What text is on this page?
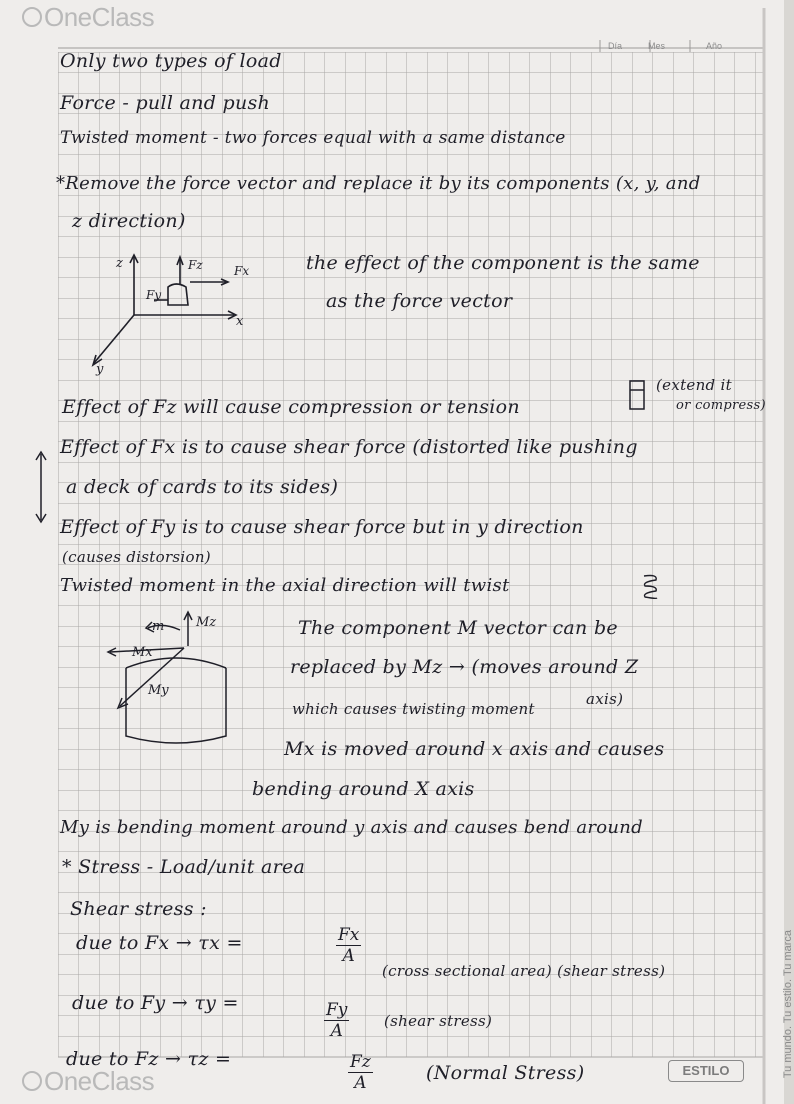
OneClass
OneClass
Día	Mes	Año
Only two types of load
Force - pull and push
Twisted moment - two forces equal with a same distance
*Remove the force vector and replace it by its components (x, y, and
z direction)
z	Fz	Fx
Fy
x
y
the effect of the component is the same
as the force vector
Effect of Fz will cause compression or tension
(extend it
or compress)
Effect of Fx is to cause shear force (distorted like pushing
a deck of cards to its sides)
Effect of Fy is to cause shear force but in y direction
(causes distorsion)
Twisted moment in the axial direction will twist
m Mz
Mx
My
The component M vector can be
replaced by Mz → (moves around Z
axis)
which causes twisting moment
Mx is moved around x axis and causes
bending around X axis
My is bending moment around y axis and causes bend around
* Stress - Load/unit area
Shear stress :
due to Fx → τx =	$\frac{Fx}{A}$
(cross sectional area) (shear stress)
due to Fy → τy =	$\frac{Fy}{A}$ (shear stress)
due to Fz → τz =	$\frac{Fz}{A}$	(Normal Stress)	Tu mundo. Tu estilo. Tu marca
ESTILO
